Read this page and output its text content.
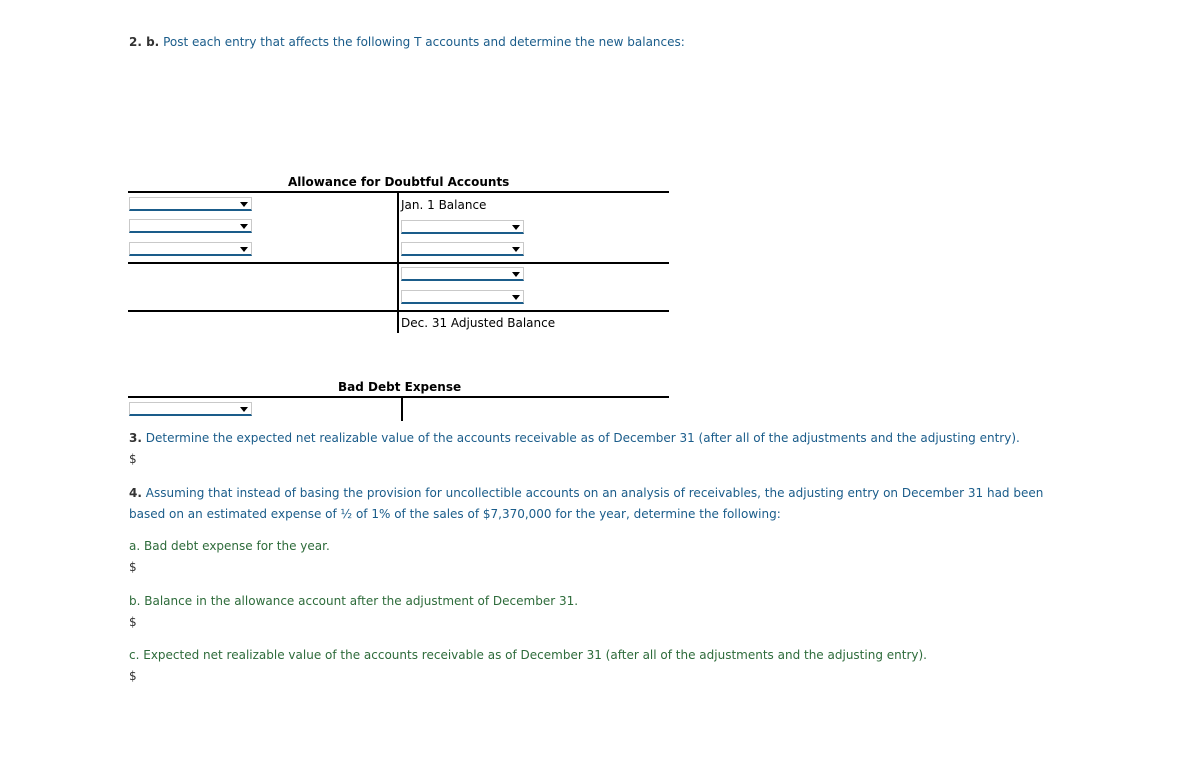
2. b. Post each entry that affects the following T accounts and determine the new balances:
Allowance for Doubtful Accounts
Jan. 1 Balance
Dec. 31 Adjusted Balance
Bad Debt Expense
3. Determine the expected net realizable value of the accounts receivable as of December 31 (after all of the adjustments and the adjusting entry).
$
4. Assuming that instead of basing the provision for uncollectible accounts on an analysis of receivables, the adjusting entry on December 31 had been
based on an estimated expense of ½ of 1% of the sales of $7,370,000 for the year, determine the following:
a. Bad debt expense for the year.
$
b. Balance in the allowance account after the adjustment of December 31.
$
c. Expected net realizable value of the accounts receivable as of December 31 (after all of the adjustments and the adjusting entry).
$
